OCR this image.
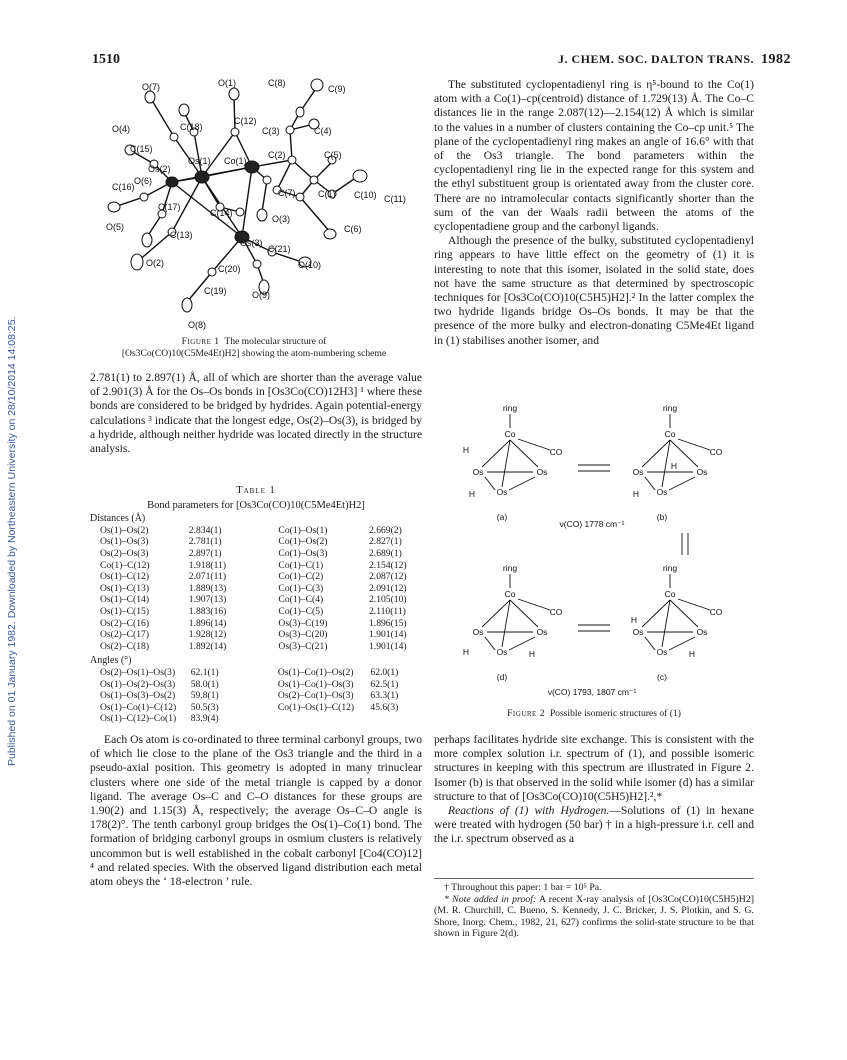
Published on 01 January 1982. Downloaded by Northeastern University on 28/10/2014 14:08:25.
1510	J. CHEM. SOC. DALTON TRANS. 1982
O(7)	O(1)	C(8)
C(9)
O(4)	C(18)
C(12)
C(3)	C(4)
C(15)
Os(2)
Os(1) Co(1)
C(2)	C(5)
C(16)
O(6)
C(7)	C(1) C(10) C(11)
C(17)
C(14)
O(3)
O(5)
C(13)
C(6)
Os(3)
C(21)
O(2)
C(20)	O(10)
C(19)	O(9)
O(8)
Figure 1 The molecular structure of
[Os3Co(CO)10(C5Me4Et)H2] showing the atom-numbering scheme

2.781(1) to 2.897(1) Å, all of which are shorter than the average value of 2.901(3) Å for the Os–Os bonds in [Os3Co(CO)12H3] ¹ where these bonds are considered to be bridged by hydrides. Again potential-energy calculations ³ indicate that the longest edge, Os(2)–Os(3), is bridged by a hydride, although neither hydride was located directly in the structure analysis.

Table 1
Bond parameters for [Os3Co(CO)10(C5Me4Et)H2]
Distances (Å)
Os(1)–Os(2)	2.834(1)	Co(1)–Os(1)	2.669(2)
Os(1)–Os(3)	2.781(1)	Co(1)–Os(2)	2.827(1)
Os(2)–Os(3)	2.897(1)	Co(1)–Os(3)	2.689(1)
Co(1)–C(12)	1.918(11)	Co(1)–C(1)	2.154(12)
Os(1)–C(12)	2.071(11)	Co(1)–C(2)	2.087(12)
Os(1)–C(13)	1.889(13)	Co(1)–C(3)	2.091(12)
Os(1)–C(14)	1.907(13)	Co(1)–C(4)	2.105(10)
Os(1)–C(15)	1.883(16)	Co(1)–C(5)	2.110(11)
Os(2)–C(16)	1.896(14)	Os(3)–C(19)	1.896(15)
Os(2)–C(17)	1.928(12)	Os(3)–C(20)	1.901(14)
Os(2)–C(18)	1.892(14)	Os(3)–C(21)	1.901(14)
Angles (°)
Os(2)–Os(1)–Os(3)	62.1(1)	Os(1)–Co(1)–Os(2)	62.0(1)
Os(1)–Os(2)–Os(3)	58.0(1)	Os(1)–Co(1)–Os(3)	62.5(1)
Os(1)–Os(3)–Os(2)	59.8(1)	Os(2)–Co(1)–Os(3)	63.3(1)
Os(1)–Co(1)–C(12)	50.5(3)	Co(1)–Os(1)–C(12)	45.6(3)
Os(1)–C(12)–Co(1)	83.9(4)		

Each Os atom is co-ordinated to three terminal carbonyl groups, two of which lie close to the plane of the Os3 triangle and the third in a pseudo-axial position. This geometry is adopted in many trinuclear clusters where one side of the metal triangle is capped by a donor ligand. The average Os–C and C–O distances for these groups are 1.90(2) and 1.15(3) Å, respectively; the average Os–C–O angle is 178(2)°. The tenth carbonyl group bridges the Os(1)–Co(1) bond. The formation of bridging carbonyl groups in osmium clusters is relatively uncommon but is well established in the cobalt carbonyl [Co4(CO)12] ⁴ and related species. With the observed ligand distribution each metal atom obeys the ‘ 18-electron ’ rule.

The substituted cyclopentadienyl ring is η⁵-bound to the Co(1) atom with a Co(1)–cp(centroid) distance of 1.729(13) Å. The Co–C distances lie in the range 2.087(12)—2.154(12) Å which is similar to the values in a number of clusters containing the Co–cp unit.⁵ The plane of the cyclopentadienyl ring makes an angle of 16.6° with that of the Os3 triangle. The bond parameters within the cyclopentadienyl ring lie in the expected range for this system and the ethyl substituent group is orientated away from the cluster core. There are no intramolecular contacts significantly shorter than the sum of the van der Waals radii between the atoms of the cyclopentadiene group and the carbonyl ligands.

Although the presence of the bulky, substituted cyclopentadienyl ring appears to have little effect on the geometry of (1) it is interesting to note that this isomer, isolated in the solid state, does not have the same structure as that determined by spectroscopic techniques for [Os3Co(CO)10(C5H5)H2].² In the latter complex the two hydride ligands bridge Os–Os bonds. It may be that the presence of the more bulky and electron-donating C5Me4Et ligand in (1) stabilises another isomer, and

ring
Co
Os	Os
Os
CO
H
H
(a)
ring
Co
Os	Os
Os
CO
H
H
(b)
ring
Co
Os	Os
Os
CO
H	H
(d)
ring
Co
Os	Os
Os
CO
H
H
(c)
ν(CO) 1778 cm⁻¹
ν(CO) 1793, 1807 cm⁻¹
Figure 2 Possible isomeric structures of (1)

perhaps facilitates hydride site exchange. This is consistent with the more complex solution i.r. spectrum of (1), and possible isomeric structures in keeping with this spectrum are illustrated in Figure 2. Isomer (b) is that observed in the solid while isomer (d) has a similar structure to that of [Os3Co(CO)10(C5H5)H2].²,*

Reactions of (1) with Hydrogen.—Solutions of (1) in hexane were treated with hydrogen (50 bar) † in a high-pressure i.r. cell and the i.r. spectrum observed as a

† Throughout this paper: 1 bar = 10⁵ Pa.

* Note added in proof: A recent X-ray analysis of [Os3Co(CO)10(C5H5)H2] (M. R. Churchill, C. Bueno, S. Kennedy, J. C. Bricker, J. S. Plotkin, and S. G. Shore, Inorg. Chem., 1982, 21, 627) confirms the solid-state structure to be that shown in Figure 2(d).
